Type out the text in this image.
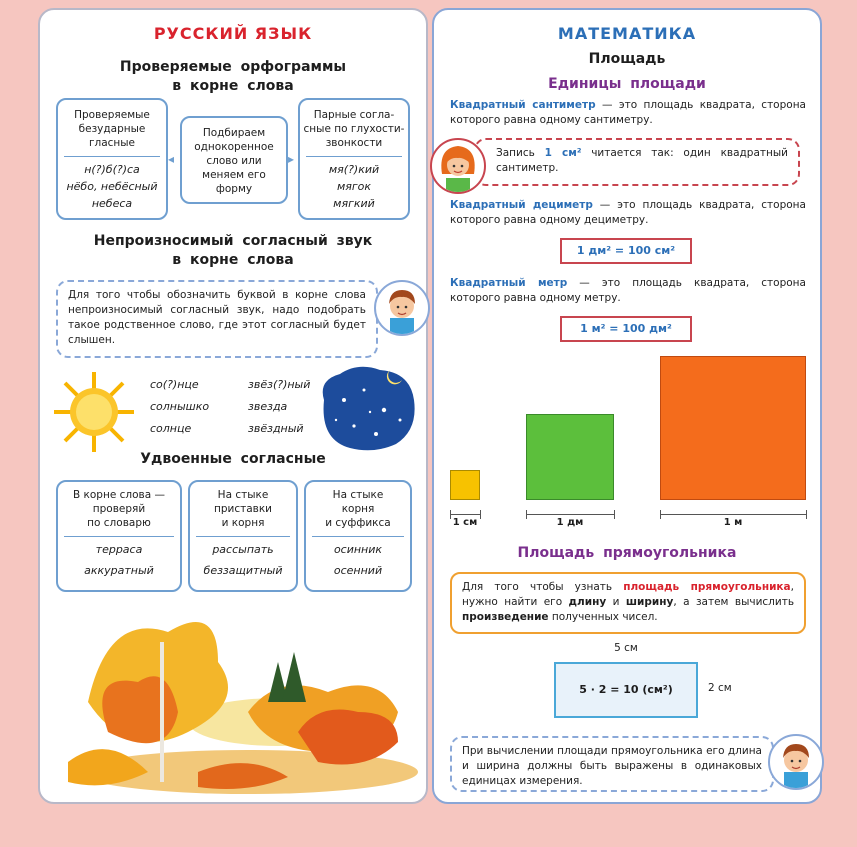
РУССКИЙ ЯЗЫК
Проверяемые орфограммы
в корне слова
Проверяемые
безударные
гласные
н(?)б(?)са
нёбо, небёсный
небеса
◂	▸
Подбираем
однокоренное
слово или
меняем его
форму
Парные согла-
сные по глухости-
звонкости
мя(?)кий
мягок
мягкий
Непроизносимый согласный звук
в корне слова
Для того чтобы обозначить буквой в корне слова непроизносимый согласный звук, надо подобрать такое родственное слово, где этот согласный будет слышен.
со(?)нце
солнышко
солнце
звёз(?)ный
звезда
звёздный
Удвоенные согласные
В корне слова —
проверяй
по словарю
терраса
аккуратный
На стыке
приставки
и корня
рассыпать
беззащитный
На стыке
корня
и суффикса
осинник
осенний
МАТЕМАТИКА
Площадь
Единицы площади
Квадратный сантиметр — это площадь квадрата, сторона которого равна одному сантиметру.
Запись 1 см² читается так: один квадратный сантиметр.
Квадратный дециметр — это площадь квадрата, сторона которого равна одному дециметру.
1 дм² = 100 см²
Квадратный метр — это площадь квадрата, сторона которого равна одному метру.
1 м² = 100 дм²
1 см	1 дм	1 м
Площадь прямоугольника
Для того чтобы узнать площадь прямоугольника, нужно найти его длину и ширину, а затем вычислить произведение полученных чисел.
5 см
5 · 2 = 10 (см²)	2 см
При вычислении площади прямоугольника его длина и ширина должны быть выражены в одинаковых единицах измерения.
